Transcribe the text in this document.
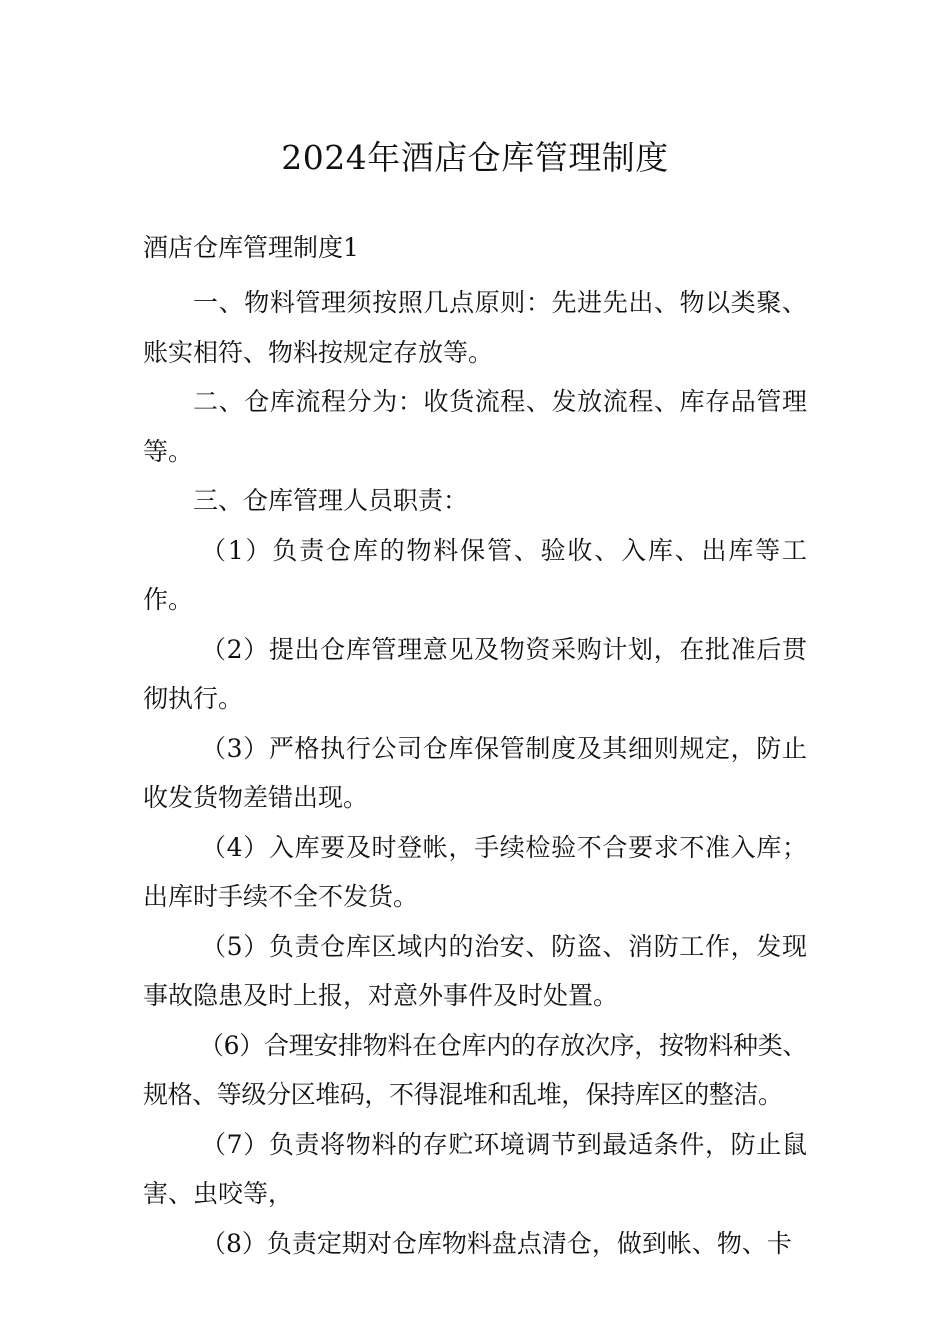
2024年酒店仓库管理制度
酒店仓库管理制度1

一、物料管理须按照几点原则：先进先出、物以类聚、账实相符、物料按规定存放等。

二、仓库流程分为：收货流程、发放流程、库存品管理等。

三、仓库管理人员职责：

（1）负责仓库的物料保管、验收、入库、出库等工作。

（2）提出仓库管理意见及物资采购计划，在批准后贯彻执行。

（3）严格执行公司仓库保管制度及其细则规定，防止收发货物差错出现。

（4）入库要及时登帐，手续检验不合要求不准入库；出库时手续不全不发货。

（5）负责仓库区域内的治安、防盗、消防工作，发现事故隐患及时上报，对意外事件及时处置。

（6）合理安排物料在仓库内的存放次序，按物料种类、规格、等级分区堆码，不得混堆和乱堆，保持库区的整洁。

（7）负责将物料的存贮环境调节到最适条件，防止鼠害、虫咬等，

（8）负责定期对仓库物料盘点清仓，做到帐、物、卡
